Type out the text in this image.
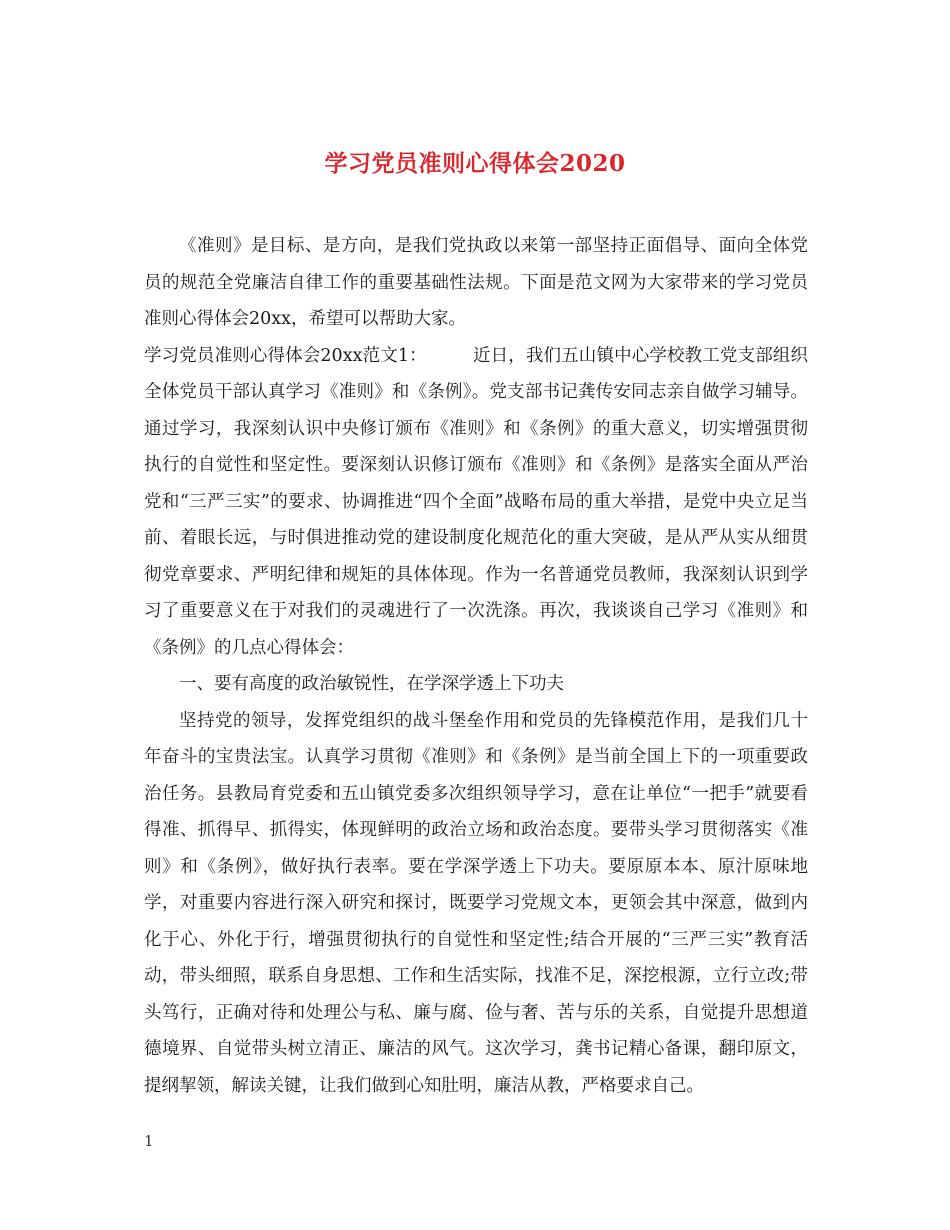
学习党员准则心得体会2020

《准则》是目标、是方向，是我们党执政以来第一部坚持正面倡导、面向全体党员的规范全党廉洁自律工作的重要基础性法规。下面是范文网为大家带来的学习党员准则心得体会20xx，希望可以帮助大家。

学习党员准则心得体会20xx范文1：	近日，我们五山镇中心学校教工党支部组织全体党员干部认真学习《准则》和《条例》。党支部书记龚传安同志亲自做学习辅导。通过学习，我深刻认识中央修订颁布《准则》和《条例》的重大意义，切实增强贯彻执行的自觉性和坚定性。要深刻认识修订颁布《准则》和《条例》是落实全面从严治党和“三严三实”的要求、协调推进“四个全面”战略布局的重大举措，是党中央立足当前、着眼长远，与时俱进推动党的建设制度化规范化的重大突破，是从严从实从细贯彻党章要求、严明纪律和规矩的具体体现。作为一名普通党员教师，我深刻认识到学习了重要意义在于对我们的灵魂进行了一次洗涤。再次，我谈谈自己学习《准则》和《条例》的几点心得体会：

一、要有高度的政治敏锐性，在学深学透上下功夫

坚持党的领导，发挥党组织的战斗堡垒作用和党员的先锋模范作用，是我们几十年奋斗的宝贵法宝。认真学习贯彻《准则》和《条例》是当前全国上下的一项重要政治任务。县教局育党委和五山镇党委多次组织领导学习，意在让单位“一把手”就要看得准、抓得早、抓得实，体现鲜明的政治立场和政治态度。要带头学习贯彻落实《准则》和《条例》，做好执行表率。要在学深学透上下功夫。要原原本本、原汁原味地学，对重要内容进行深入研究和探讨，既要学习党规文本，更领会其中深意，做到内化于心、外化于行，增强贯彻执行的自觉性和坚定性;结合开展的“三严三实”教育活动，带头细照，联系自身思想、工作和生活实际，找准不足，深挖根源，立行立改;带头笃行，正确对待和处理公与私、廉与腐、俭与奢、苦与乐的关系，自觉提升思想道德境界、自觉带头树立清正、廉洁的风气。这次学习，龚书记精心备课，翻印原文，提纲挈领，解读关键，让我们做到心知肚明，廉洁从教，严格要求自己。

1
